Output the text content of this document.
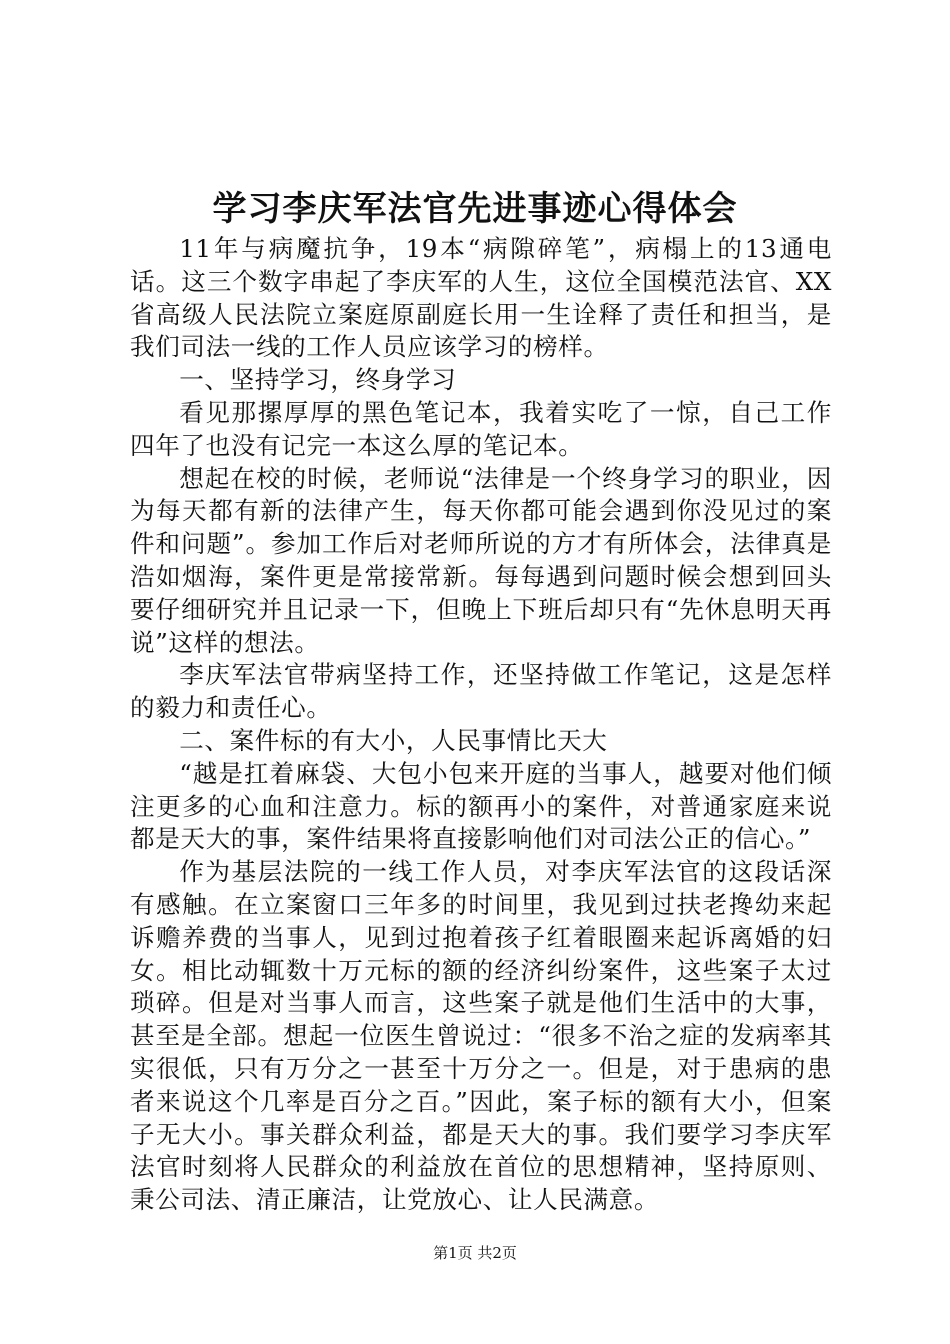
学习李庆军法官先进事迹心得体会

11年与病魔抗争，19本“病隙碎笔”，病榻上的13通电话。这三个数字串起了李庆军的人生，这位全国模范法官、XX省高级人民法院立案庭原副庭长用一生诠释了责任和担当，是我们司法一线的工作人员应该学习的榜样。

一、坚持学习，终身学习

看见那摞厚厚的黑色笔记本，我着实吃了一惊，自己工作四年了也没有记完一本这么厚的笔记本。

想起在校的时候，老师说“法律是一个终身学习的职业，因为每天都有新的法律产生，每天你都可能会遇到你没见过的案件和问题”。参加工作后对老师所说的方才有所体会，法律真是浩如烟海，案件更是常接常新。每每遇到问题时候会想到回头要仔细研究并且记录一下，但晚上下班后却只有“先休息明天再说”这样的想法。

李庆军法官带病坚持工作，还坚持做工作笔记，这是怎样的毅力和责任心。

二、案件标的有大小，人民事情比天大

“越是扛着麻袋、大包小包来开庭的当事人，越要对他们倾注更多的心血和注意力。标的额再小的案件，对普通家庭来说都是天大的事，案件结果将直接影响他们对司法公正的信心。”

作为基层法院的一线工作人员，对李庆军法官的这段话深有感触。在立案窗口三年多的时间里，我见到过扶老搀幼来起诉赡养费的当事人，见到过抱着孩子红着眼圈来起诉离婚的妇女。相比动辄数十万元标的额的经济纠纷案件，这些案子太过琐碎。但是对当事人而言，这些案子就是他们生活中的大事，甚至是全部。想起一位医生曾说过：“很多不治之症的发病率其实很低，只有万分之一甚至十万分之一。但是，对于患病的患者来说这个几率是百分之百。”因此，案子标的额有大小，但案子无大小。事关群众利益，都是天大的事。我们要学习李庆军法官时刻将人民群众的利益放在首位的思想精神，坚持原则、秉公司法、清正廉洁，让党放心、让人民满意。

第1页 共2页
